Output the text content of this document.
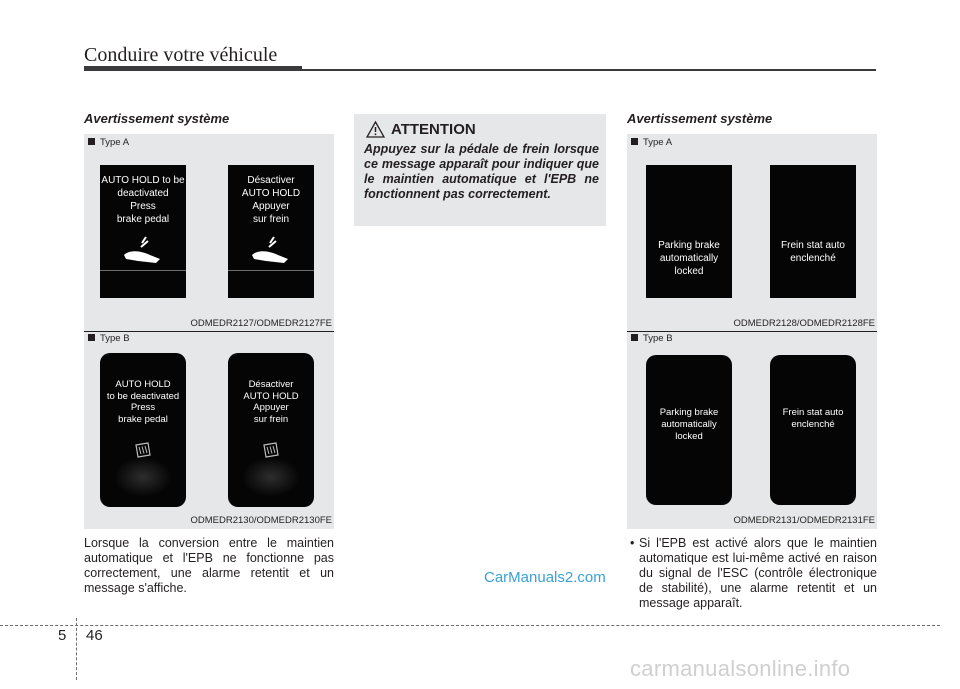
Conduire votre véhicule
Avertissement système
Type A
AUTO HOLD to be
deactivated
Press
brake pedal
Désactiver
AUTO HOLD
Appuyer
sur frein
ODMEDR2127/ODMEDR2127FE
Type B
AUTO HOLD
to be deactivated
Press
brake pedal
Désactiver
AUTO HOLD
Appuyer
sur frein
ODMEDR2130/ODMEDR2130FE
Lorsque la conversion entre le maintien automatique et l'EPB ne fonctionne pas correctement, une alarme retentit et un message s'affiche.
ATTENTION
Appuyez sur la pédale de frein lorsque ce message apparaît pour indiquer que le maintien automatique et l'EPB ne fonctionnent pas correctement.
CarManuals2.com
Avertissement système
Type A
Parking brake
automatically
locked
Frein stat auto
enclenché
ODMEDR2128/ODMEDR2128FE
Type B
Parking brake
automatically
locked
Frein stat auto
enclenché
ODMEDR2131/ODMEDR2131FE
• Si l'EPB est activé alors que le maintien automatique est lui-même activé en raison du signal de l'ESC (contrôle électronique de stabilité), une alarme retentit et un message apparaît.
5 46
carmanualsonline.info
